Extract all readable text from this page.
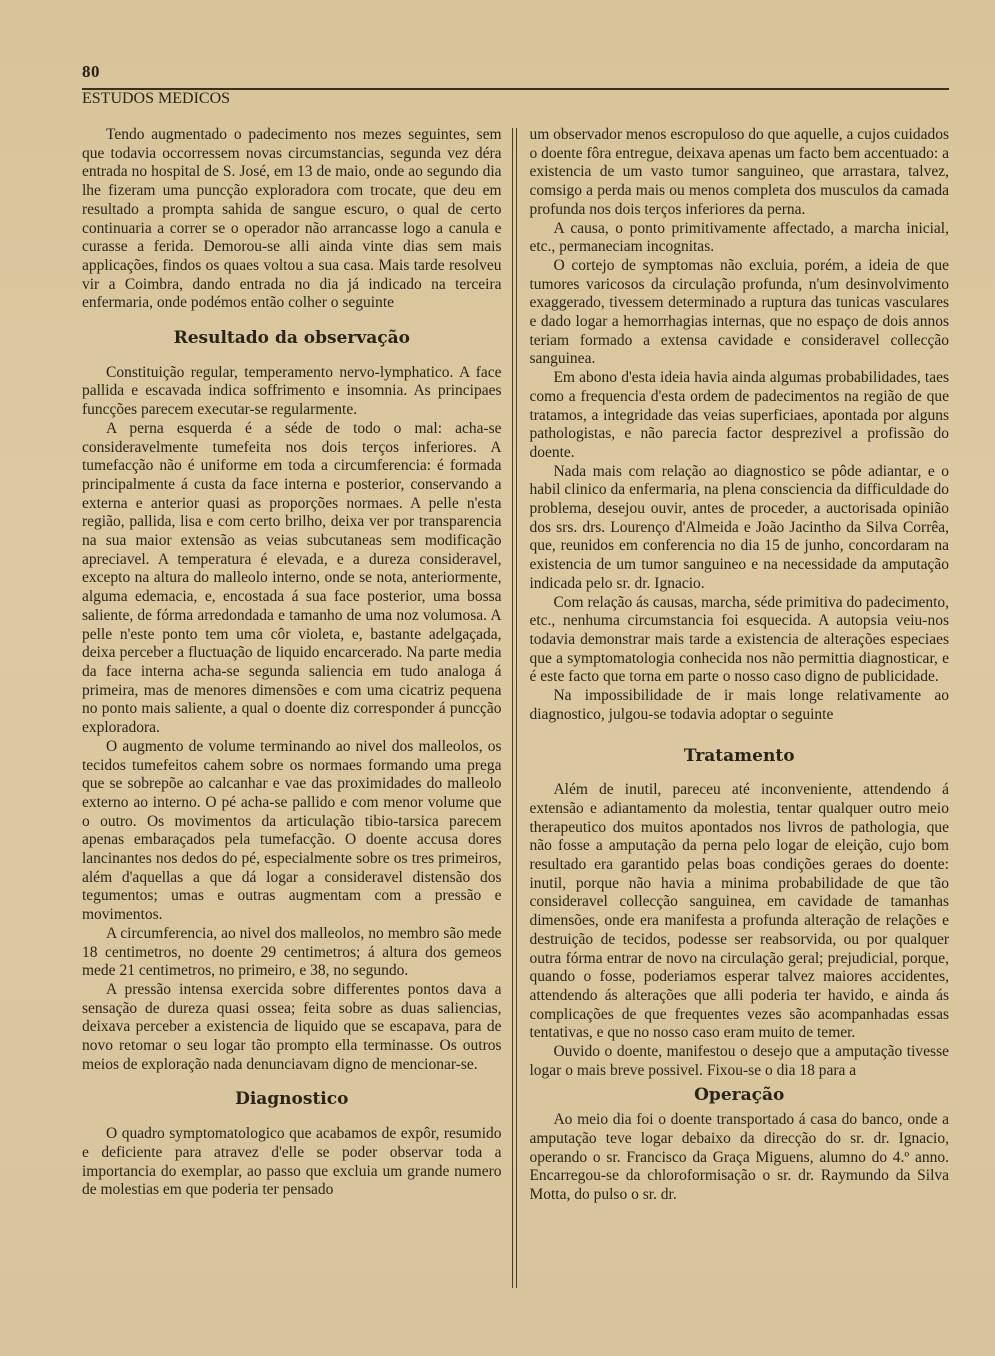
80
ESTUDOS MEDICOS

Tendo augmentado o padecimento nos mezes seguintes, sem que todavia occorressem novas circumstancias, segunda vez déra entrada no hospital de S. José, em 13 de maio, onde ao segundo dia lhe fizeram uma puncção exploradora com trocate, que deu em resultado a prompta sahida de sangue escuro, o qual de certo continuaria a correr se o operador não arrancasse logo a canula e curasse a ferida. Demorou-se alli ainda vinte dias sem mais applicações, findos os quaes voltou a sua casa. Mais tarde resolveu vir a Coimbra, dando entrada no dia já indicado na terceira enfermaria, onde podémos então colher o seguinte

Resultado da observação

Constituição regular, temperamento nervo-lymphatico. A face pallida e escavada indica soffrimento e insomnia. As principaes funcções parecem executar-se regularmente.

A perna esquerda é a séde de todo o mal: acha-se consideravelmente tumefeita nos dois terços inferiores. A tumefacção não é uniforme em toda a circumferencia: é formada principalmente á custa da face interna e posterior, conservando a externa e anterior quasi as proporções normaes. A pelle n'esta região, pallida, lisa e com certo brilho, deixa ver por transparencia na sua maior extensão as veias subcutaneas sem modificação apreciavel. A temperatura é elevada, e a dureza consideravel, excepto na altura do malleolo interno, onde se nota, anteriormente, alguma edemacia, e, encostada á sua face posterior, uma bossa saliente, de fórma arredondada e tamanho de uma noz volumosa. A pelle n'este ponto tem uma côr violeta, e, bastante adelgaçada, deixa perceber a fluctuação de liquido encarcerado. Na parte media da face interna acha-se segunda saliencia em tudo analoga á primeira, mas de menores dimensões e com uma cicatriz pequena no ponto mais saliente, a qual o doente diz corresponder á puncção exploradora.

O augmento de volume terminando ao nivel dos malleolos, os tecidos tumefeitos cahem sobre os normaes formando uma prega que se sobrepõe ao calcanhar e vae das proximidades do malleolo externo ao interno. O pé acha-se pallido e com menor volume que o outro. Os movimentos da articulação tibio-tarsica parecem apenas embaraçados pela tumefacção. O doente accusa dores lancinantes nos dedos do pé, especialmente sobre os tres primeiros, além d'aquellas a que dá logar a consideravel distensão dos tegumentos; umas e outras augmentam com a pressão e movimentos.

A circumferencia, ao nivel dos malleolos, no membro são mede 18 centimetros, no doente 29 centimetros; á altura dos gemeos mede 21 centimetros, no primeiro, e 38, no segundo.

A pressão intensa exercida sobre differentes pontos dava a sensação de dureza quasi ossea; feita sobre as duas saliencias, deixava perceber a existencia de liquido que se escapava, para de novo retomar o seu logar tão prompto ella terminasse. Os outros meios de exploração nada denunciavam digno de mencionar-se.

Diagnostico

O quadro symptomatologico que acabamos de expôr, resumido e deficiente para atravez d'elle se poder observar toda a importancia do exemplar, ao passo que excluia um grande numero de molestias em que poderia ter pensado

um observador menos escropuloso do que aquelle, a cujos cuidados o doente fôra entregue, deixava apenas um facto bem accentuado: a existencia de um vasto tumor sanguineo, que arrastara, talvez, comsigo a perda mais ou menos completa dos musculos da camada profunda nos dois terços inferiores da perna.

A causa, o ponto primitivamente affectado, a marcha inicial, etc., permaneciam incognitas.

O cortejo de symptomas não excluia, porém, a ideia de que tumores varicosos da circulação profunda, n'um desinvolvimento exaggerado, tivessem determinado a ruptura das tunicas vasculares e dado logar a hemorrhagias internas, que no espaço de dois annos teriam formado a extensa cavidade e consideravel collecção sanguinea.

Em abono d'esta ideia havia ainda algumas probabilidades, taes como a frequencia d'esta ordem de padecimentos na região de que tratamos, a integridade das veias superficiaes, apontada por alguns pathologistas, e não parecia factor desprezivel a profissão do doente.

Nada mais com relação ao diagnostico se pôde adiantar, e o habil clinico da enfermaria, na plena consciencia da difficuldade do problema, desejou ouvir, antes de proceder, a auctorisada opinião dos srs. drs. Lourenço d'Almeida e João Jacintho da Silva Corrêa, que, reunidos em conferencia no dia 15 de junho, concordaram na existencia de um tumor sanguineo e na necessidade da amputação indicada pelo sr. dr. Ignacio.

Com relação ás causas, marcha, séde primitiva do padecimento, etc., nenhuma circumstancia foi esquecida. A autopsia veiu-nos todavia demonstrar mais tarde a existencia de alterações especiaes que a symptomatologia conhecida nos não permittia diagnosticar, e é este facto que torna em parte o nosso caso digno de publicidade.

Na impossibilidade de ir mais longe relativamente ao diagnostico, julgou-se todavia adoptar o seguinte

Tratamento

Além de inutil, pareceu até inconveniente, attendendo á extensão e adiantamento da molestia, tentar qualquer outro meio therapeutico dos muitos apontados nos livros de pathologia, que não fosse a amputação da perna pelo logar de eleição, cujo bom resultado era garantido pelas boas condições geraes do doente: inutil, porque não havia a minima probabilidade de que tão consideravel collecção sanguinea, em cavidade de tamanhas dimensões, onde era manifesta a profunda alteração de relações e destruição de tecidos, podesse ser reabsorvida, ou por qualquer outra fórma entrar de novo na circulação geral; prejudicial, porque, quando o fosse, poderiamos esperar talvez maiores accidentes, attendendo ás alterações que alli poderia ter havido, e ainda ás complicações de que frequentes vezes são acompanhadas essas tentativas, e que no nosso caso eram muito de temer.

Ouvido o doente, manifestou o desejo que a amputação tivesse logar o mais breve possivel. Fixou-se o dia 18 para a

Operação

Ao meio dia foi o doente transportado á casa do banco, onde a amputação teve logar debaixo da direcção do sr. dr. Ignacio, operando o sr. Francisco da Graça Miguens, alumno do 4.º anno. Encarregou-se da chloroformisação o sr. dr. Raymundo da Silva Motta, do pulso o sr. dr.
